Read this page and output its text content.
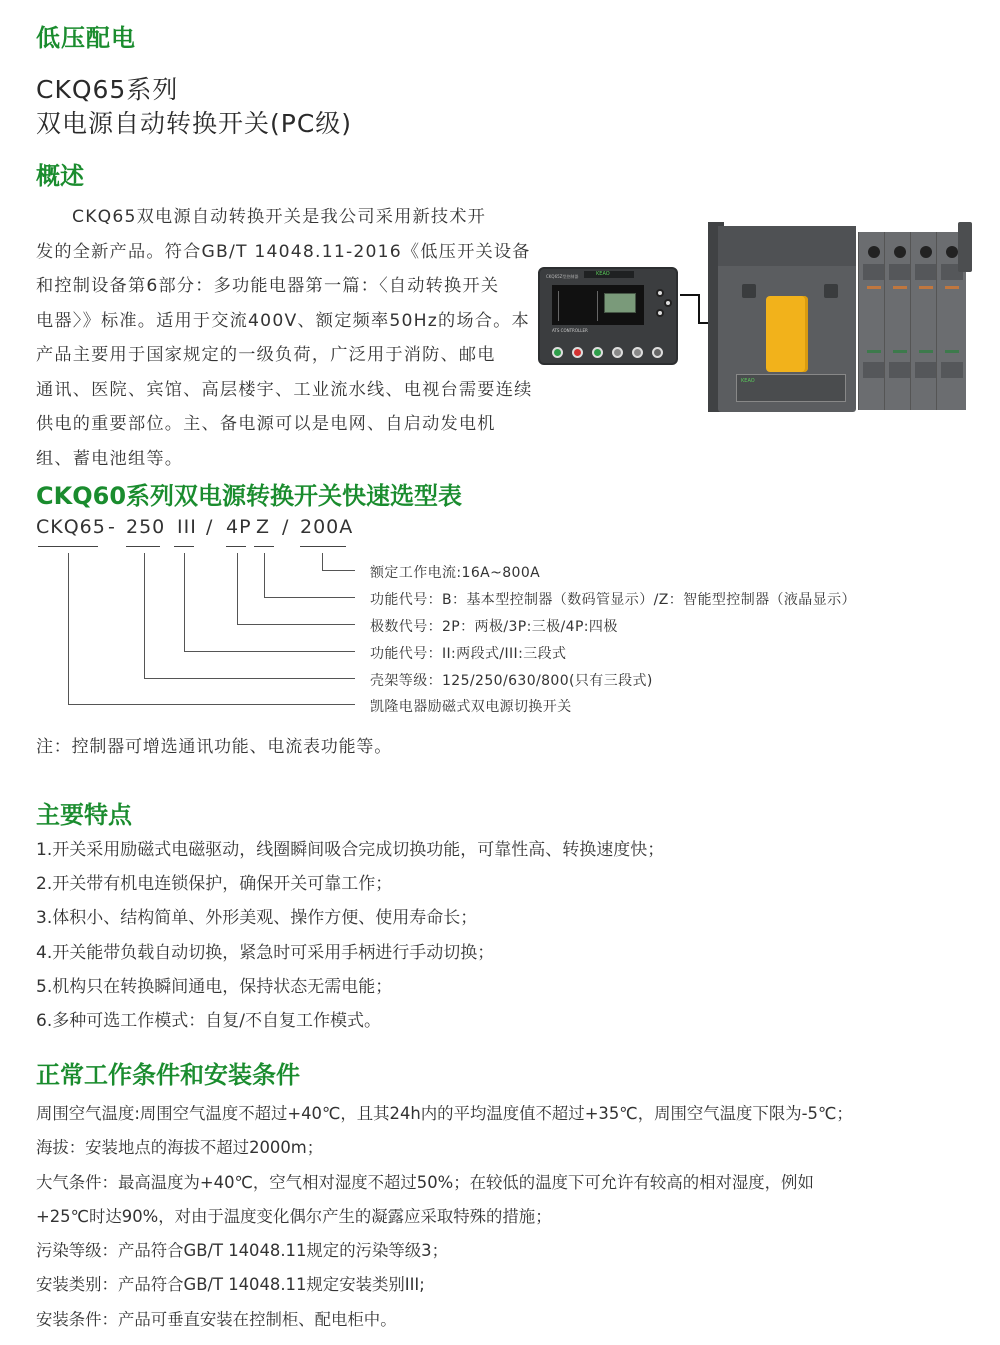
低压配电
CKQ65系列
双电源自动转换开关(PC级)
概述
CKQ65双电源自动转换开关是我公司采用新技术开
发的全新产品。符合GB/T 14048.11-2016《低压开关设备
和控制设备第6部分：多功能电器第一篇：〈自动转换开关
电器〉》标准。适用于交流400V、额定频率50Hz的场合。本
产品主要用于国家规定的一级负荷，广泛用于消防、邮电
通讯、医院、宾馆、高层楼宇、工业流水线、电视台需要连续
供电的重要部位。主、备电源可以是电网、自启动发电机
组、蓄电池组等。
KEAO
CKQ65Z型控制器
ATS CONTROLLER
KEAO
CKQ60系列双电源转换开关快速选型表
CKQ65 - 250 III / 4P Z / 200A
额定工作电流:16A~800A
功能代号：B：基本型控制器（数码管显示）/Z：智能型控制器（液晶显示）
极数代号：2P：两极/3P:三极/4P:四极
功能代号：II:两段式/III:三段式
壳架等级：125/250/630/800(只有三段式)
凯隆电器励磁式双电源切换开关
注：控制器可增选通讯功能、电流表功能等。
主要特点
1.开关采用励磁式电磁驱动，线圈瞬间吸合完成切换功能，可靠性高、转换速度快；
2.开关带有机电连锁保护，确保开关可靠工作；
3.体积小、结构简单、外形美观、操作方便、使用寿命长；
4.开关能带负载自动切换，紧急时可采用手柄进行手动切换；
5.机构只在转换瞬间通电，保持状态无需电能；
6.多种可选工作模式：自复/不自复工作模式。
正常工作条件和安装条件
周围空气温度:周围空气温度不超过+40℃，且其24h内的平均温度值不超过+35℃，周围空气温度下限为-5℃；
海拔：安装地点的海拔不超过2000m；
大气条件：最高温度为+40℃，空气相对湿度不超过50%；在较低的温度下可允许有较高的相对湿度，例如
+25℃时达90%，对由于温度变化偶尔产生的凝露应采取特殊的措施；
污染等级：产品符合GB/T 14048.11规定的污染等级3；
安装类别：产品符合GB/T 14048.11规定安装类别III;
安装条件：产品可垂直安装在控制柜、配电柜中。
